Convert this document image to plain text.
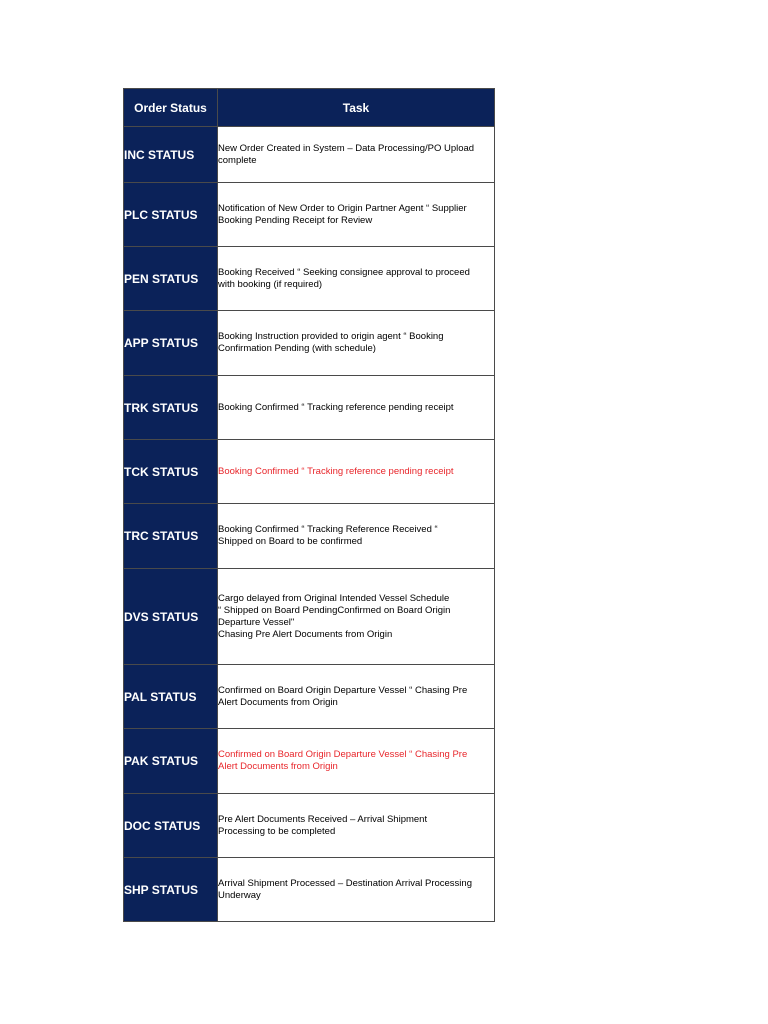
Order Status	Task
INC STATUS	New Order Created in System – Data Processing/PO Upload
complete
PLC STATUS	Notification of New Order to Origin Partner Agent “ Supplier
Booking Pending Receipt for Review
PEN STATUS	Booking Received “ Seeking consignee approval to proceed
with booking (if required)
APP STATUS	Booking Instruction provided to origin agent “ Booking
Confirmation Pending (with schedule)
TRK STATUS	Booking Confirmed “ Tracking reference pending receipt
TCK STATUS	Booking Confirmed “ Tracking reference pending receipt
TRC STATUS	Booking Confirmed “ Tracking Reference Received “
Shipped on Board to be confirmed
DVS STATUS	Cargo delayed from Original Intended Vessel Schedule
“ Shipped on Board PendingConfirmed on Board Origin
Departure Vessel"
Chasing Pre Alert Documents from Origin
PAL STATUS	Confirmed on Board Origin Departure Vessel “ Chasing Pre
Alert Documents from Origin
PAK STATUS	Confirmed on Board Origin Departure Vessel “ Chasing Pre
Alert Documents from Origin
DOC STATUS	Pre Alert Documents Received – Arrival Shipment
Processing to be completed
SHP STATUS	Arrival Shipment Processed – Destination Arrival Processing
Underway
